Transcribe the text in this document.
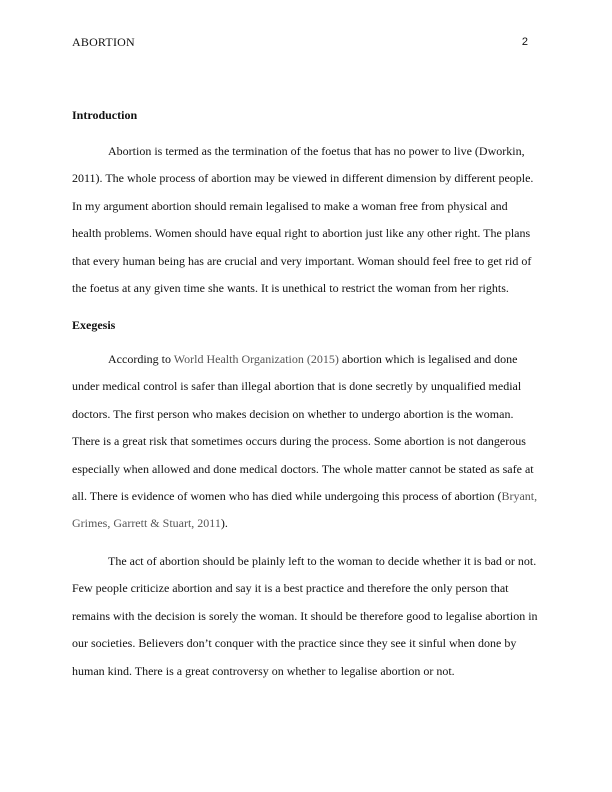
ABORTION	2
Introduction
Abortion is termed as the termination of the foetus that has no power to live (Dworkin,
2011). The whole process of abortion may be viewed in different dimension by different people.
In my argument abortion should remain legalised to make a woman free from physical and
health problems. Women should have equal right to abortion just like any other right. The plans
that every human being has are crucial and very important. Woman should feel free to get rid of
the foetus at any given time she wants. It is unethical to restrict the woman from her rights.
Exegesis
According to World Health Organization (2015) abortion which is legalised and done
under medical control is safer than illegal abortion that is done secretly by unqualified medial
doctors. The first person who makes decision on whether to undergo abortion is the woman.
There is a great risk that sometimes occurs during the process. Some abortion is not dangerous
especially when allowed and done medical doctors. The whole matter cannot be stated as safe at
all. There is evidence of women who has died while undergoing this process of abortion (Bryant,
Grimes, Garrett & Stuart, 2011).
The act of abortion should be plainly left to the woman to decide whether it is bad or not.
Few people criticize abortion and say it is a best practice and therefore the only person that
remains with the decision is sorely the woman. It should be therefore good to legalise abortion in
our societies. Believers don’t conquer with the practice since they see it sinful when done by
human kind. There is a great controversy on whether to legalise abortion or not.
